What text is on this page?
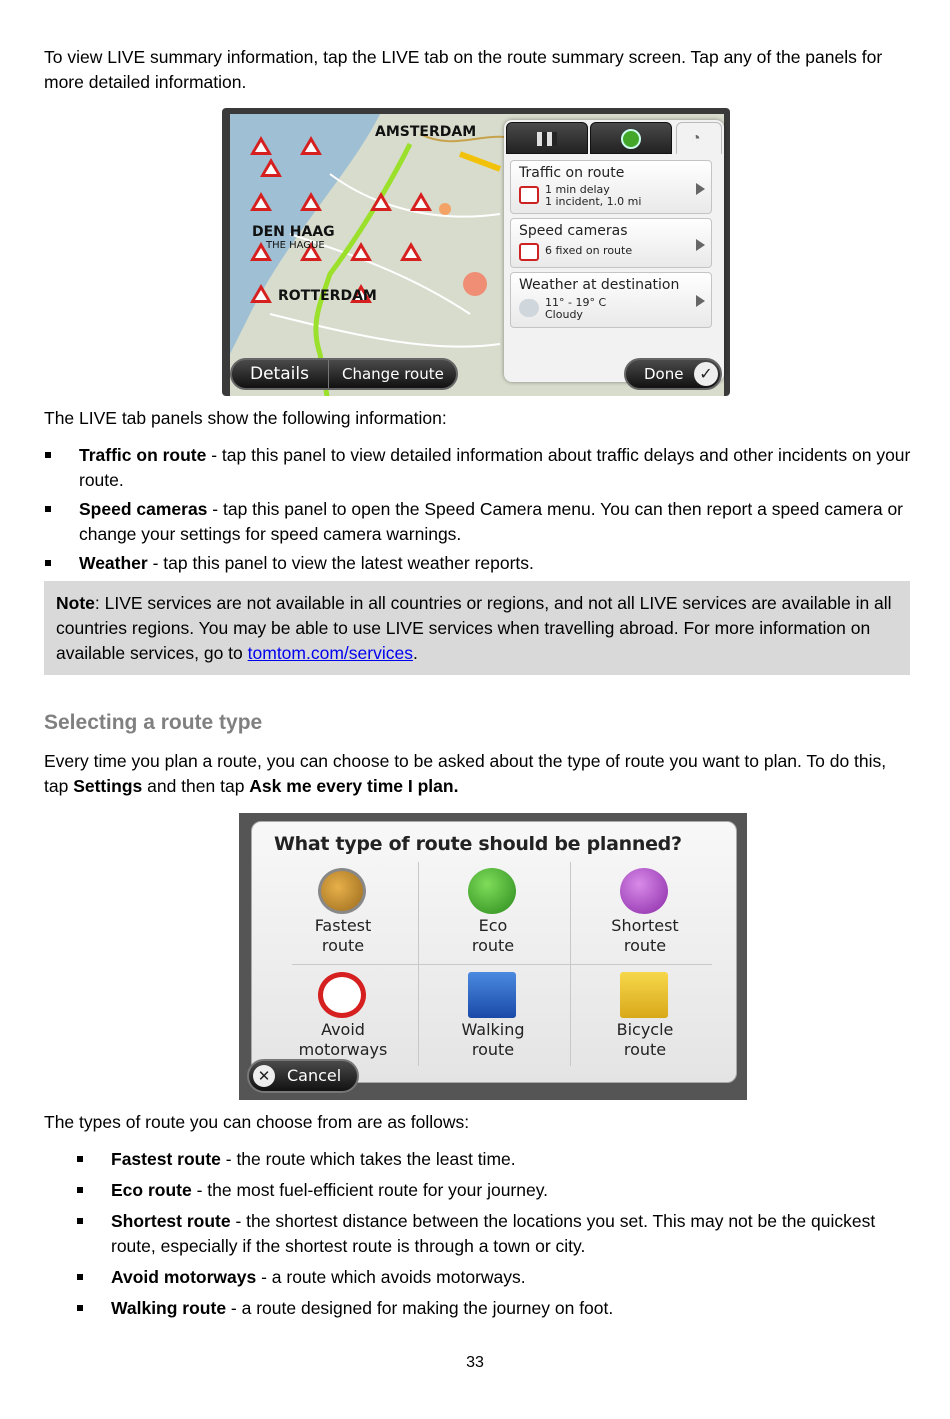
To view LIVE summary information, tap the LIVE tab on the route summary screen. Tap any of the panels for more detailed information.

AMSTERDAM
DEN HAAG
THE HAGUE
ROTTERDAM
◔
Traffic on route
1 min delay
1 incident, 1.0 mi
Speed cameras
6 fixed on route
Weather at destination
11° - 19° C
Cloudy
Details Change route	Done ✓

The LIVE tab panels show the following information:

Traffic on route - tap this panel to view detailed information about traffic delays and other incidents on your route.
Speed cameras - tap this panel to open the Speed Camera menu. You can then report a speed camera or change your settings for speed camera warnings.
Weather - tap this panel to view the latest weather reports.
Note: LIVE services are not available in all countries or regions, and not all LIVE services are available in all countries regions. You may be able to use LIVE services when travelling abroad. For more information on available services, go to tomtom.com/services.
Selecting a route type

Every time you plan a route, you can choose to be asked about the type of route you want to plan. To do this, tap Settings and then tap Ask me every time I plan.

What type of route should be planned?
Fastest
route
Eco
route
Shortest
route
Avoid
motorways
Walking
route
Bicycle
route
✕ Cancel

The types of route you can choose from are as follows:

Fastest route - the route which takes the least time.
Eco route - the most fuel-efficient route for your journey.
Shortest route - the shortest distance between the locations you set. This may not be the quickest route, especially if the shortest route is through a town or city.
Avoid motorways - a route which avoids motorways.
Walking route - a route designed for making the journey on foot.
33
